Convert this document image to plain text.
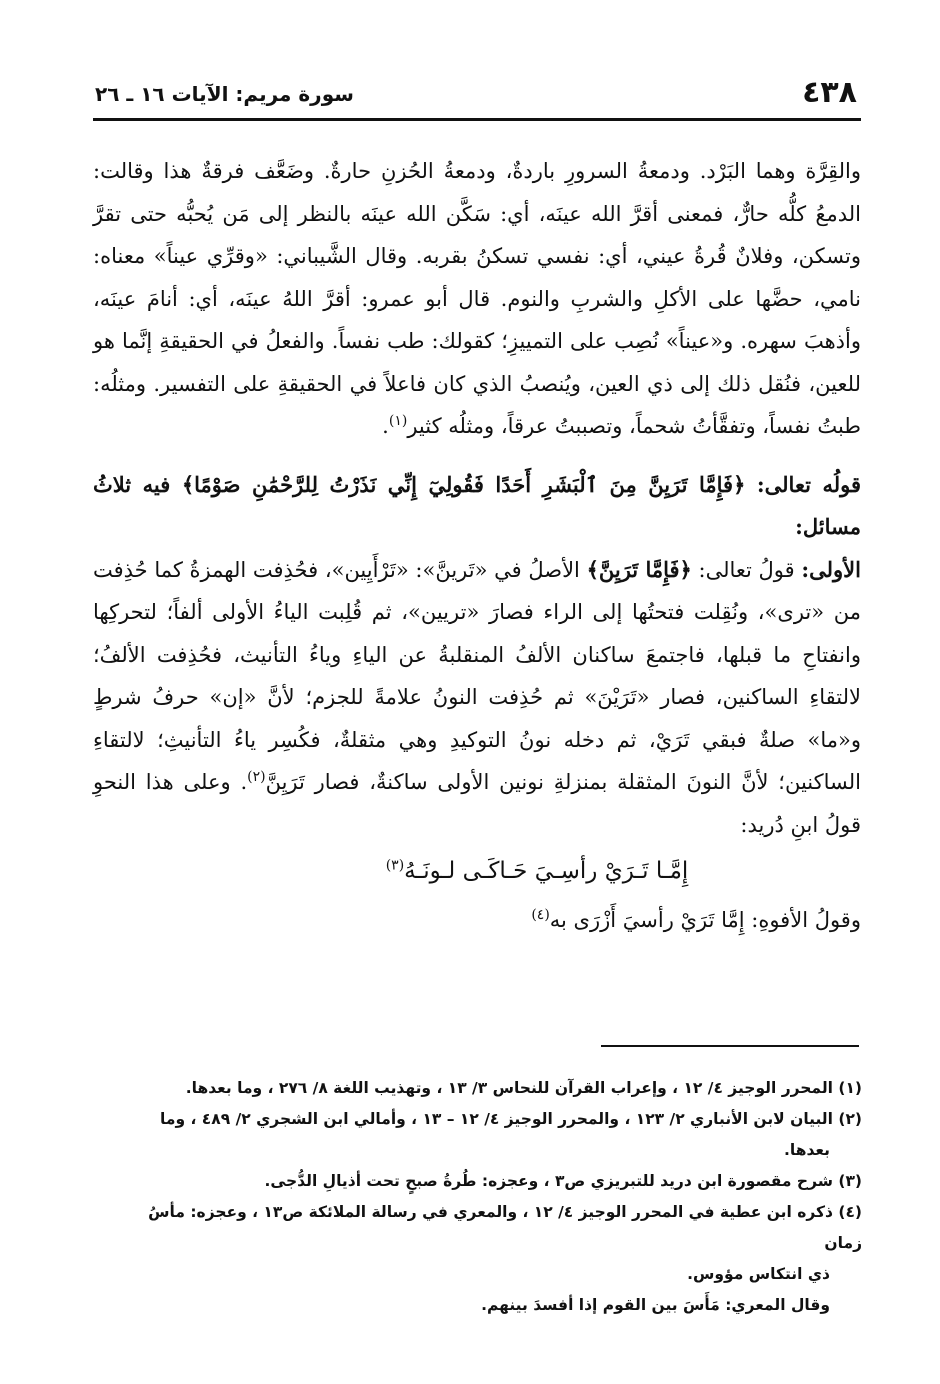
٤٣٨
سورة مريم: الآيات ١٦ ـ ٢٦

والقِرَّة وهما البَرْد. ودمعةُ السرورِ باردةٌ، ودمعةُ الحُزنِ حارةٌ. وضَعَّف فرقةٌ هذا وقالت: الدمعُ كلُّه حارٌّ، فمعنى أقرَّ الله عينَه، أي: سَكَّن الله عينَه بالنظر إلى مَن يُحبُّه حتى تقرَّ وتسكن، وفلانٌ قُرةُ عيني، أي: نفسي تسكنُ بقربه. وقال الشَّيباني: «وقرِّي عيناً» معناه: نامي، حضَّها على الأكلِ والشربِ والنوم. قال أبو عمرو: أقرَّ اللهُ عينَه، أي: أنامَ عينَه، وأذهبَ سهره. و«عيناً» نُصِب على التمييزِ؛ كقولك: طب نفساً. والفعلُ في الحقيقةِ إنَّما هو للعين، فنُقل ذلك إلى ذي العين، ويُنصبُ الذي كان فاعلاً في الحقيقةِ على التفسير. ومثلُه: طبتُ نفساً، وتفقَّأتُ شحماً، وتصببتُ عرقاً، ومثلُه كثير$^{(١)}$.

قولُه تعالى: ﴿فَإِمَّا تَرَيِنَّ مِنَ ٱلْبَشَرِ أَحَدًا فَقُولِيٓ إِنِّي نَذَرْتُ لِلرَّحْمَٰنِ صَوْمًا﴾ فيه ثلاثُ مسائل:

الأولى: قولُ تعالى: ﴿فَإِمَّا تَرَيِنَّ﴾ الأصلُ في «تَرينَّ»: «تَرْأَيِين»، فحُذِفت الهمزةُ كما حُذِفت من «ترى»، ونُقِلت فتحتُها إلى الراء فصارَ «تريين»، ثم قُلِبت الياءُ الأولى ألفاً؛ لتحركِها وانفتاحِ ما قبلها، فاجتمعَ ساكنان الألفُ المنقلبةُ عن الياءِ وياءُ التأنيث، فحُذِفت الألفُ؛ لالتقاءِ الساكنين، فصار «تَرَيْنَ» ثم حُذِفت النونُ علامةً للجزم؛ لأنَّ «إن» حرفُ شرطٍ و«ما» صلةٌ فبقي تَرَيْ، ثم دخله نونُ التوكيدِ وهي مثقلةٌ، فكُسِر ياءُ التأنيثِ؛ لالتقاءِ الساكنين؛ لأنَّ النونَ المثقلة بمنزلةِ نونين الأولى ساكنةٌ، فصار تَرَيِنَّ$^{(٢)}$. وعلى هذا النحوِ قولُ ابنِ دُريد:

إِمَّـا تَـرَيْ رأسِـيَ حَـاكَـى لـونَـهُ$^{(٣)}$

وقولُ الأفوهِ: إِمَّا تَرَيْ رأسيَ أَزْرَى به$^{(٤)}$

(١) المحرر الوجيز ٤/ ١٢ ، وإعراب القرآن للنحاس ٣/ ١٣ ، وتهذيب اللغة ٨/ ٢٧٦ ، وما بعدها.

(٢) البيان لابن الأنباري ٢/ ١٢٣ ، والمحرر الوجيز ٤/ ١٢ – ١٣ ، وأمالي ابن الشجري ٢/ ٤٨٩ ، وما

بعدها.

(٣) شرح مقصورة ابن دريد للتبريزي ص٣ ، وعجزه: طُرةُ صبحٍ تحت أذيالِ الدُّجى.

(٤) ذكره ابن عطية في المحرر الوجيز ٤/ ١٢ ، والمعري في رسالة الملائكة ص١٣ ، وعجزه: مأسُ زمان

ذي انتكاس مؤوس.

وقال المعري: مَأَسَ بين القوم إذا أفسدَ بينهم.
